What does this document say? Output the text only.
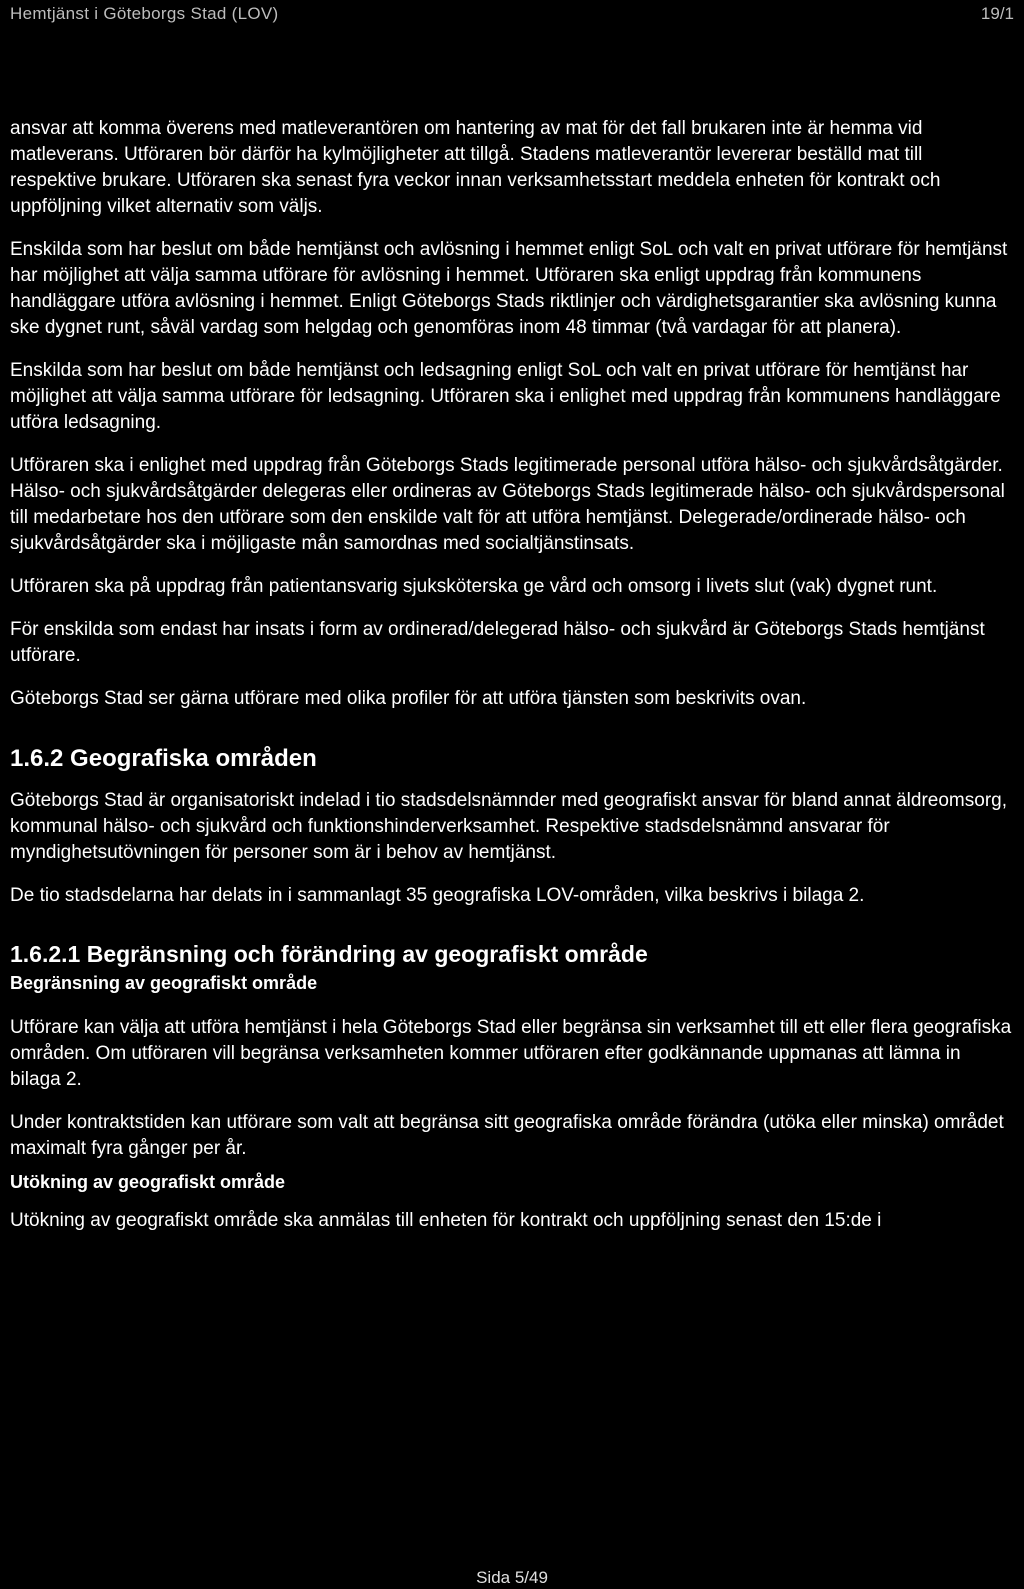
Hemtjänst i Göteborgs Stad (LOV)	19/1

ansvar att komma överens med matleverantören om hantering av mat för det fall brukaren inte är hemma vid matleverans. Utföraren bör därför ha kylmöjligheter att tillgå. Stadens matleverantör levererar beställd mat till respektive brukare. Utföraren ska senast fyra veckor innan verksamhetsstart meddela enheten för kontrakt och uppföljning vilket alternativ som väljs.

Enskilda som har beslut om både hemtjänst och avlösning i hemmet enligt SoL och valt en privat utförare för hemtjänst har möjlighet att välja samma utförare för avlösning i hemmet. Utföraren ska enligt uppdrag från kommunens handläggare utföra avlösning i hemmet. Enligt Göteborgs Stads riktlinjer och värdighetsgarantier ska avlösning kunna ske dygnet runt, såväl vardag som helgdag och genomföras inom 48 timmar (två vardagar för att planera).

Enskilda som har beslut om både hemtjänst och ledsagning enligt SoL och valt en privat utförare för hemtjänst har möjlighet att välja samma utförare för ledsagning. Utföraren ska i enlighet med uppdrag från kommunens handläggare utföra ledsagning.

Utföraren ska i enlighet med uppdrag från Göteborgs Stads legitimerade personal utföra hälso- och sjukvårdsåtgärder. Hälso- och sjukvårdsåtgärder delegeras eller ordineras av Göteborgs Stads legitimerade hälso- och sjukvårdspersonal till medarbetare hos den utförare som den enskilde valt för att utföra hemtjänst. Delegerade/ordinerade hälso- och sjukvårdsåtgärder ska i möjligaste mån samordnas med socialtjänstinsats.

Utföraren ska på uppdrag från patientansvarig sjuksköterska ge vård och omsorg i livets slut (vak) dygnet runt.

För enskilda som endast har insats i form av ordinerad/delegerad hälso- och sjukvård är Göteborgs Stads hemtjänst utförare.

Göteborgs Stad ser gärna utförare med olika profiler för att utföra tjänsten som beskrivits ovan.

1.6.2 Geografiska områden

Göteborgs Stad är organisatoriskt indelad i tio stadsdelsnämnder med geografiskt ansvar för bland annat äldreomsorg, kommunal hälso- och sjukvård och funktionshinderverksamhet. Respektive stadsdelsnämnd ansvarar för myndighetsutövningen för personer som är i behov av hemtjänst.

De tio stadsdelarna har delats in i sammanlagt 35 geografiska LOV-områden, vilka beskrivs i bilaga 2.

1.6.2.1 Begränsning och förändring av geografiskt område
Begränsning av geografiskt område

Utförare kan välja att utföra hemtjänst i hela Göteborgs Stad eller begränsa sin verksamhet till ett eller flera geografiska områden. Om utföraren vill begränsa verksamheten kommer utföraren efter godkännande uppmanas att lämna in bilaga 2.

Under kontraktstiden kan utförare som valt att begränsa sitt geografiska område förändra (utöka eller minska) området maximalt fyra gånger per år.

Utökning av geografiskt område

Utökning av geografiskt område ska anmälas till enheten för kontrakt och uppföljning senast den 15:de i

Sida 5/49
